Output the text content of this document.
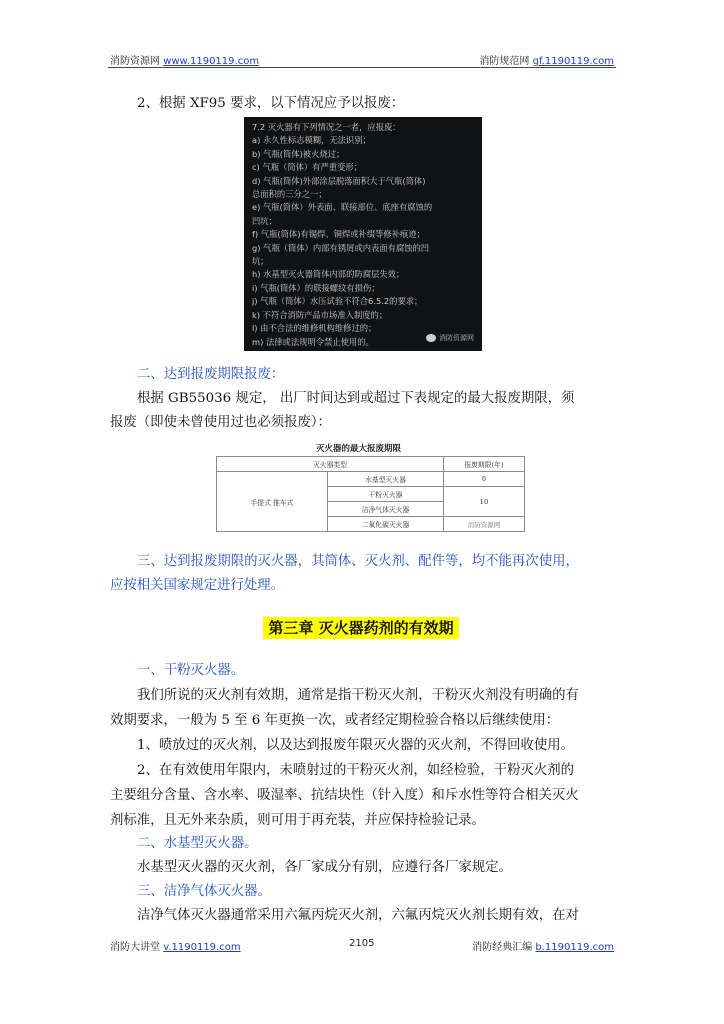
消防资源网 www.1190119.com	消防规范网 gf.1190119.com
2、根据 XF95 要求，以下情况应予以报废：
7.2 灭火器有下列情况之一者，应报废：
a) 永久性标志模糊，无法识别；
b) 气瓶(筒体)被火烧过；
c) 气瓶（筒体）有严重变形；
d) 气瓶(筒体)外部涂层脱落面积大于气瓶(筒体)
总面积的三分之一；
e) 气瓶(筒体）外表面、联接部位、底座有腐蚀的
凹坑；
f) 气瓶(筒体)有锡焊、铜焊或补缀等修补痕迹；
g) 气瓶（筒体）内部有锈屑或内表面有腐蚀的凹
坑；
h) 水基型灭火器筒体内部的防腐层失效；
i) 气瓶(筒体）的联接螺纹有损伤；
j) 气瓶（筒体）水压试验不符合6.5.2的要求；
k) 不符合消防产品市场准入制度的；
l) 由不合法的维修机构维修过的；
m) 法律或法规明令禁止使用的。	消防资源网
二、达到报废期限报废：
根据 GB55036 规定， 出厂时间达到或超过下表规定的最大报废期限，须
报废（即使未曾使用过也必须报废）：
灭火器的最大报废期限
灭火器类型		报废期限(年)
手提式 推车式	水基型灭火器	6
	干粉灭火器	10
	洁净气体灭火器	
	二氧化碳灭火器	消防资源网
三、达到报废期限的灭火器，其筒体、灭火剂、配件等，均不能再次使用，
应按相关国家规定进行处理。
第三章 灭火器药剂的有效期
一、干粉灭火器。
我们所说的灭火剂有效期，通常是指干粉灭火剂，干粉灭火剂没有明确的有
效期要求，一般为 5 至 6 年更换一次，或者经定期检验合格以后继续使用：
1、喷放过的灭火剂，以及达到报废年限灭火器的灭火剂，不得回收使用。
2、在有效使用年限内，未喷射过的干粉灭火剂，如经检验，干粉灭火剂的
主要组分含量、含水率、吸湿率、抗结块性（针入度）和斥水性等符合相关灭火
剂标准，且无外来杂质，则可用于再充装，并应保持检验记录。
二、水基型灭火器。
水基型灭火器的灭火剂，各厂家成分有别，应遵行各厂家规定。
三、洁净气体灭火器。
洁净气体灭火器通常采用六氟丙烷灭火剂，六氟丙烷灭火剂长期有效，在对
消防大讲堂 v.1190119.com	2105	消防经典汇编 b.1190119.com
